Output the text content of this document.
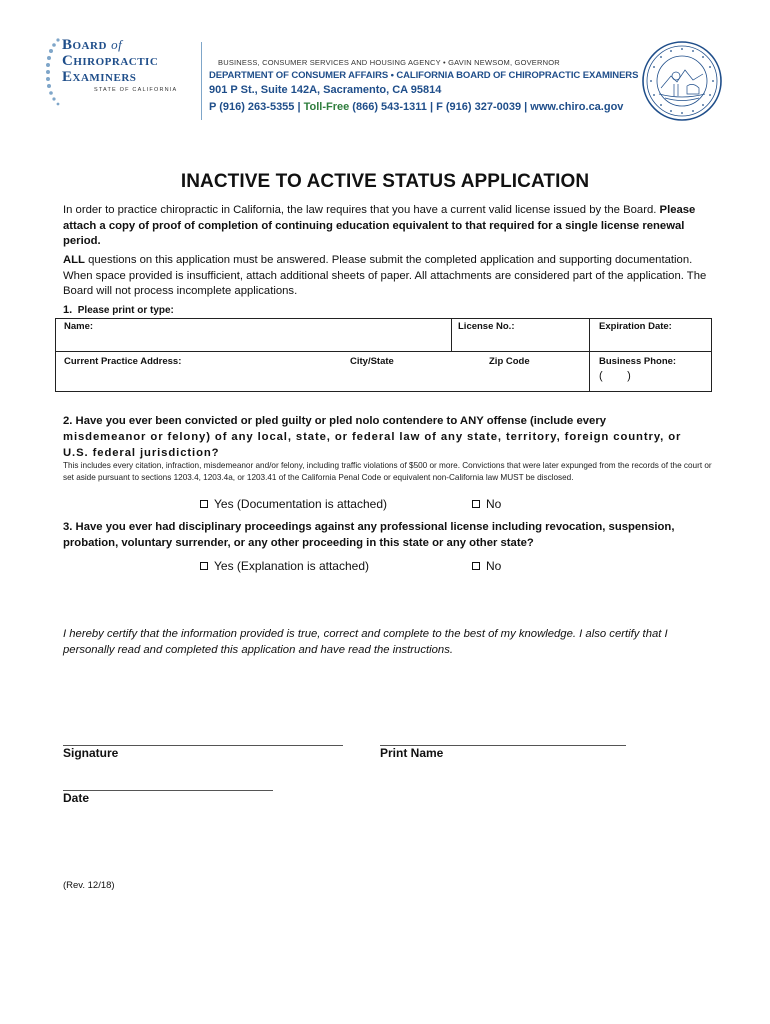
Board of
Chiropractic
Examiners
STATE OF CALIFORNIA
BUSINESS, CONSUMER SERVICES AND HOUSING AGENCY • GAVIN NEWSOM, GOVERNOR
DEPARTMENT OF CONSUMER AFFAIRS • CALIFORNIA BOARD OF CHIROPRACTIC EXAMINERS
901 P St., Suite 142A, Sacramento, CA 95814
P (916) 263-5355 | Toll-Free (866) 543-1311 | F (916) 327-0039 | www.chiro.ca.gov
INACTIVE TO ACTIVE STATUS APPLICATION
In order to practice chiropractic in California, the law requires that you have a current valid license issued by the Board. Please attach a copy of proof of completion of continuing education equivalent to that required for a single license renewal period.
ALL questions on this application must be answered. Please submit the completed application and supporting documentation. When space provided is insufficient, attach additional sheets of paper. All attachments are considered part of the application. The Board will not process incomplete applications.
1. Please print or type:
Name:	License No.:	Expiration Date:
Current Practice Address:	City/State	Zip Code	Business Phone:
(        )
2. Have you ever been convicted or pled guilty or pled nolo contendere to ANY offense (include every
misdemeanor or felony) of any local, state, or federal law of any state, territory, foreign country, or
U.S. federal jurisdiction?
This includes every citation, infraction, misdemeanor and/or felony, including traffic violations of $500 or more. Convictions that were later expunged from the records of the court or set aside pursuant to sections 1203.4, 1203.4a, or 1203.41 of the California Penal Code or equivalent non-California law MUST be disclosed.
Yes (Documentation is attached)	No
3. Have you ever had disciplinary proceedings against any professional license including revocation, suspension, probation, voluntary surrender, or any other proceeding in this state or any other state?
Yes (Explanation is attached)	No
I hereby certify that the information provided is true, correct and complete to the best of my knowledge. I also certify that I personally read and completed this application and have read the instructions.
Signature	Print Name
Date
(Rev. 12/18)
